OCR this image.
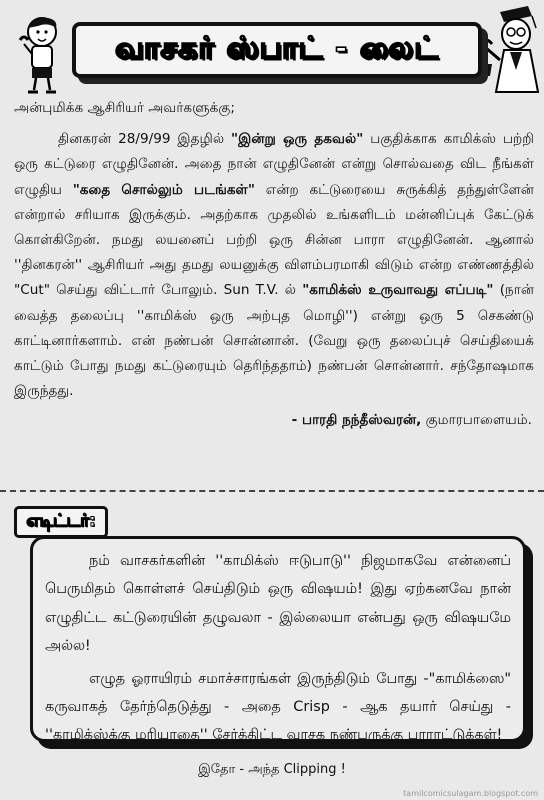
வாசகர் ஸ்பாட் - லைட்

அன்புமிக்க ஆசிரியர் அவர்களுக்கு;

தினகரன் 28/9/99 இதழில் "இன்று ஒரு தகவல்" பகுதிக்காக காமிக்ஸ் பற்றி ஒரு கட்டுரை எழுதினேன். அதை நான் எழுதினேன் என்று சொல்வதை விட நீங்கள் எழுதிய "கதை சொல்லும் படங்கள்" என்ற கட்டுரையை சுருக்கித் தந்துள்ளேன் என்றால் சரியாக இருக்கும். அதற்காக முதலில் உங்களிடம் மன்னிப்புக் கேட்டுக் கொள்கிறேன். நமது லயனைப் பற்றி ஒரு சின்ன பாரா எழுதினேன். ஆனால் ''தினகரன்'' ஆசிரியர் அது தமது லயனுக்கு விளம்பரமாகி விடும் என்ற எண்ணத்தில் "Cut" செய்து விட்டார் போலும். Sun T.V. ல் "காமிக்ஸ் உருவாவது எப்படி" (நான் வைத்த தலைப்பு ''காமிக்ஸ் ஒரு அற்புத மொழி'') என்று ஒரு 5 செகண்டு காட்டினார்களாம். என் நண்பன் சொன்னான். (வேறு ஒரு தலைப்புச் செய்தியைக் காட்டும் போது நமது கட்டுரையும் தெரிந்ததாம்) நண்பன் சொன்னார். சந்தோஷமாக இருந்தது.

- பாரதி நந்தீஸ்வரன், குமாரபாளையம்.

எடிட்டர்:

நம் வாசகர்களின் ''காமிக்ஸ் ஈடுபாடு'' நிஜமாகவே என்னைப் பெருமிதம் கொள்ளச் செய்திடும் ஒரு விஷயம்! இது ஏற்கனவே நான் எழுதிட்ட கட்டுரையின் தழுவலா - இல்லையா என்பது ஒரு விஷயமே அல்ல!

எழுத ஓராயிரம் சமாச்சாரங்கள் இருந்திடும் போது -"காமிக்ஸை" கருவாகத் தேர்ந்தெடுத்து - அதை Crisp - ஆக தயார் செய்து - ''காமிக்ஸ்க்கு மரியாதை'' சேர்த்திட்ட வாசக நண்பருக்கு பாராட்டுக்கள்!

இதோ - அந்த Clipping !
tamilcomicsulagam.blogspot.com
